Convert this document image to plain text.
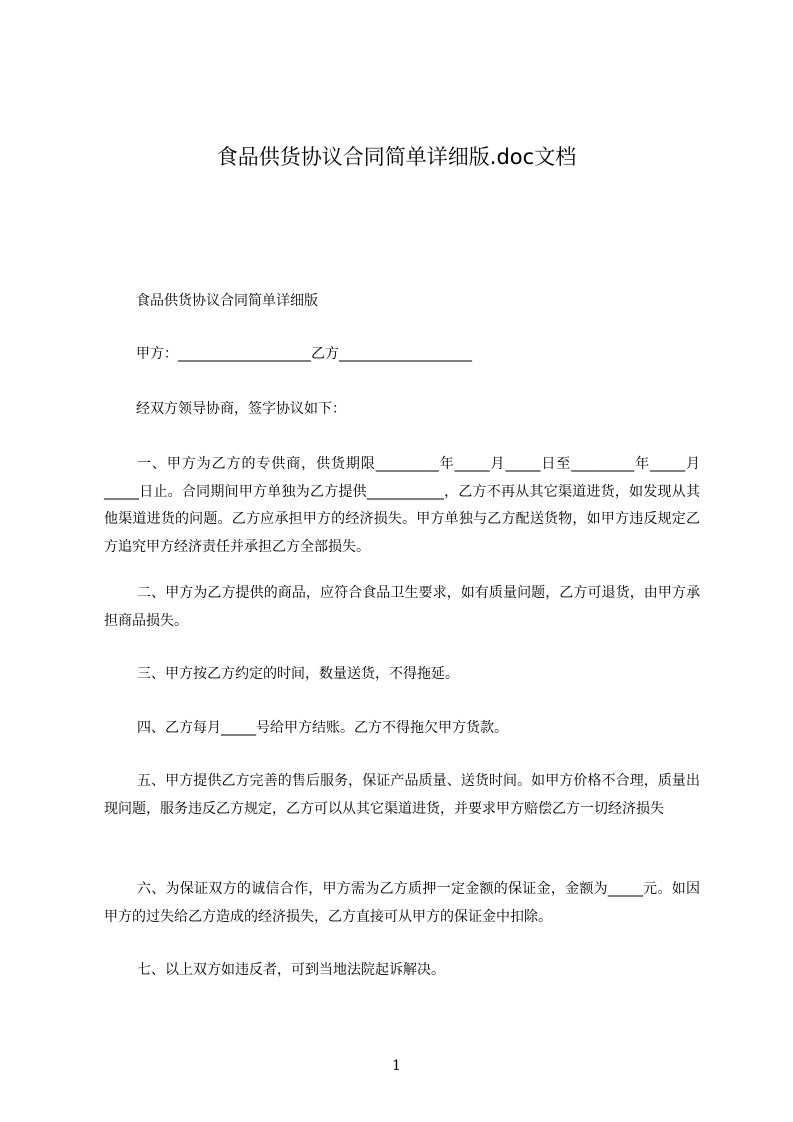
食品供货协议合同简单详细版.doc文档
食品供货协议合同简单详细版
甲方：___________________乙方___________________
经双方领导协商，签字协议如下：
一、甲方为乙方的专供商，供货期限_________年_____月_____日至_________年_____月_____日止。合同期间甲方单独为乙方提供___________，乙方不再从其它渠道进货，如发现从其他渠道进货的问题。乙方应承担甲方的经济损失。甲方单独与乙方配送货物，如甲方违反规定乙方追究甲方经济责任并承担乙方全部损失。
二、甲方为乙方提供的商品，应符合食品卫生要求，如有质量问题，乙方可退货，由甲方承担商品损失。
三、甲方按乙方约定的时间，数量送货，不得拖延。
四、乙方每月_____号给甲方结账。乙方不得拖欠甲方货款。
五、甲方提供乙方完善的售后服务，保证产品质量、送货时间。如甲方价格不合理，质量出现问题，服务违反乙方规定，乙方可以从其它渠道进货，并要求甲方赔偿乙方一切经济损失
六、为保证双方的诚信合作，甲方需为乙方质押一定金额的保证金，金额为_____元。如因甲方的过失给乙方造成的经济损失，乙方直接可从甲方的保证金中扣除。
七、以上双方如违反者，可到当地法院起诉解决。
1
